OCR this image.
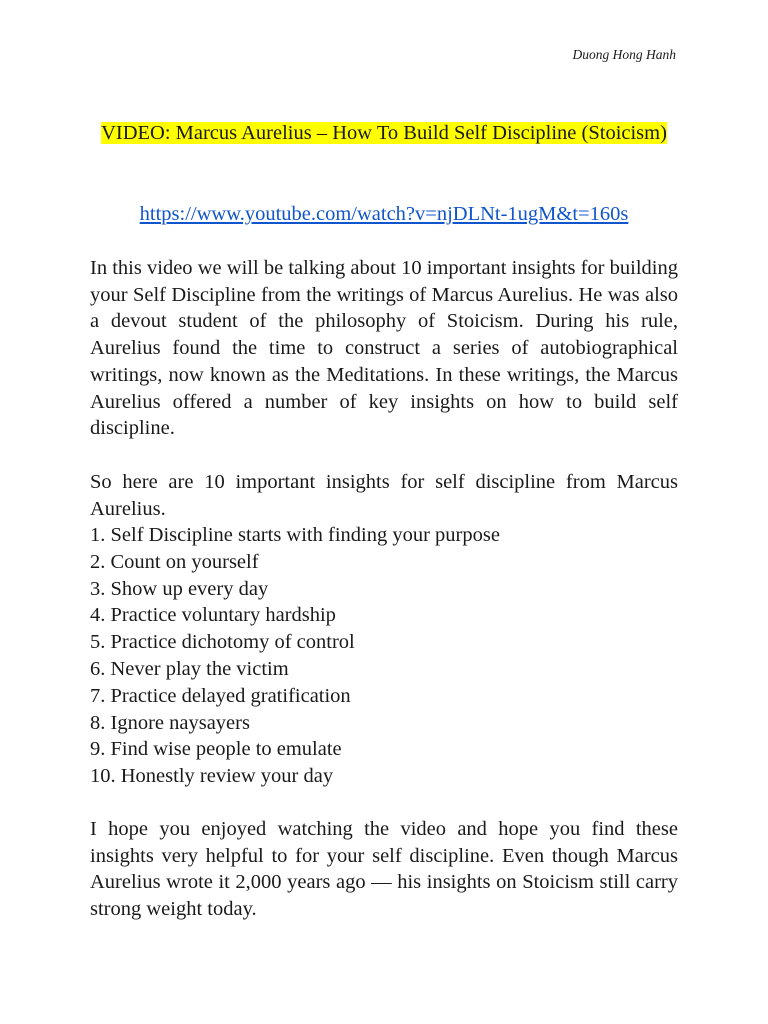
Duong Hong Hanh
VIDEO: Marcus Aurelius – How To Build Self Discipline (Stoicism)
https://www.youtube.com/watch?v=njDLNt-1ugM&t=160s

In this video we will be talking about 10 important insights for building your Self Discipline from the writings of Marcus Aurelius. He was also a devout student of the philosophy of Stoicism. During his rule, Aurelius found the time to construct a series of autobiographical writings, now known as the Meditations. In these writings, the Marcus Aurelius offered a number of key insights on how to build self discipline.

So here are 10 important insights for self discipline from Marcus Aurelius.

1. Self Discipline starts with finding your purpose
2. Count on yourself
3. Show up every day
4. Practice voluntary hardship
5. Practice dichotomy of control
6. Never play the victim
7. Practice delayed gratification
8. Ignore naysayers
9. Find wise people to emulate
10. Honestly review your day

I hope you enjoyed watching the video and hope you find these insights very helpful to for your self discipline. Even though Marcus Aurelius wrote it 2,000 years ago — his insights on Stoicism still carry strong weight today.
